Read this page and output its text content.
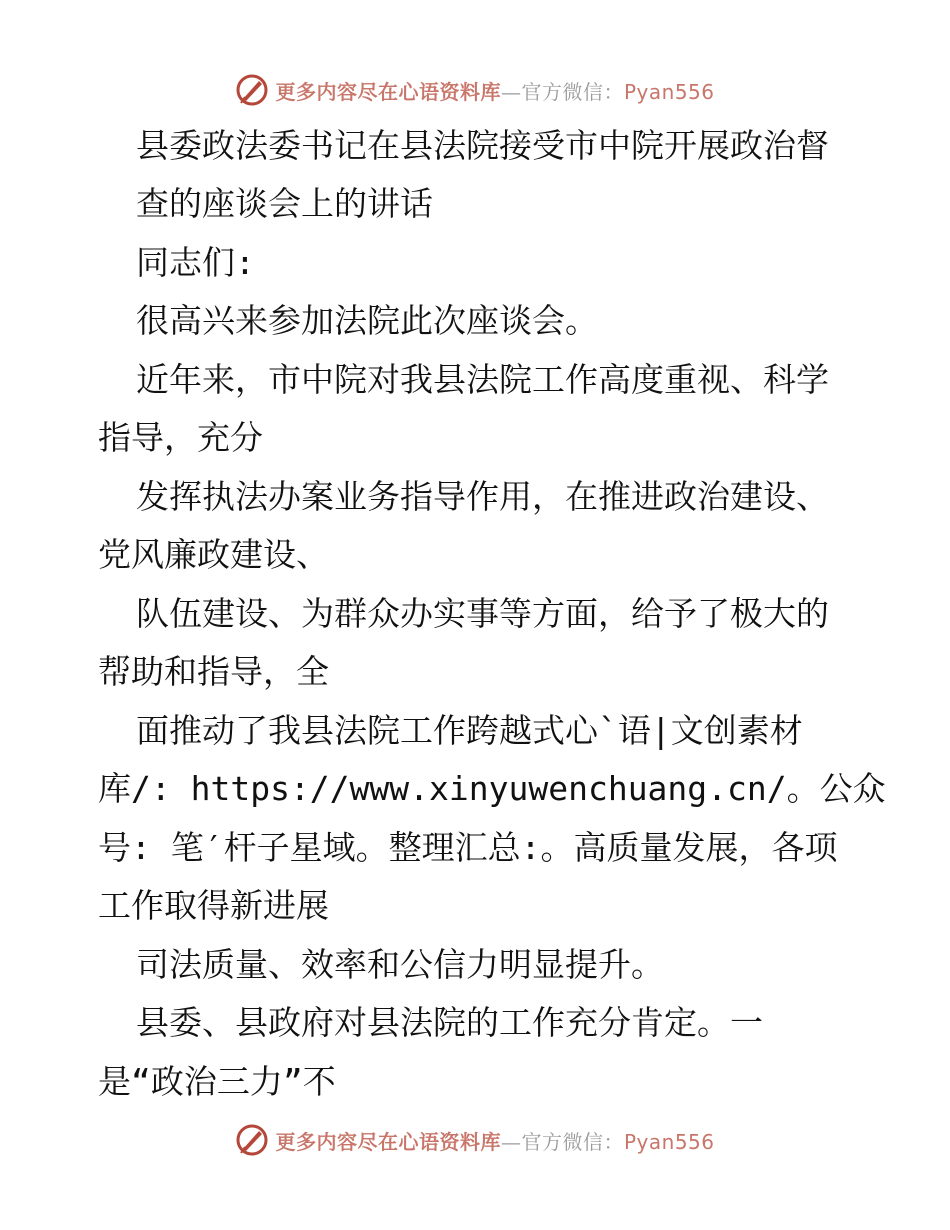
更多内容尽在心语资料库—官方微信：Pyan556
县委政法委书记在县法院接受市中院开展政治督
查的座谈会上的讲话
同志们:
很高兴来参加法院此次座谈会。
近年来，市中院对我县法院工作高度重视、科学
指导，充分
发挥执法办案业务指导作用，在推进政治建设、
党风廉政建设、
队伍建设、为群众办实事等方面，给予了极大的
帮助和指导，全
面推动了我县法院工作跨越式心`语|文创素材
库/: https://www.xinyuwenchuang.cn/。公众
号: 笔′杆子星域。整理汇总:。高质量发展，各项
工作取得新进展
司法质量、效率和公信力明显提升。
县委、县政府对县法院的工作充分肯定。一
是“政治三力”不
更多内容尽在心语资料库—官方微信：Pyan556
